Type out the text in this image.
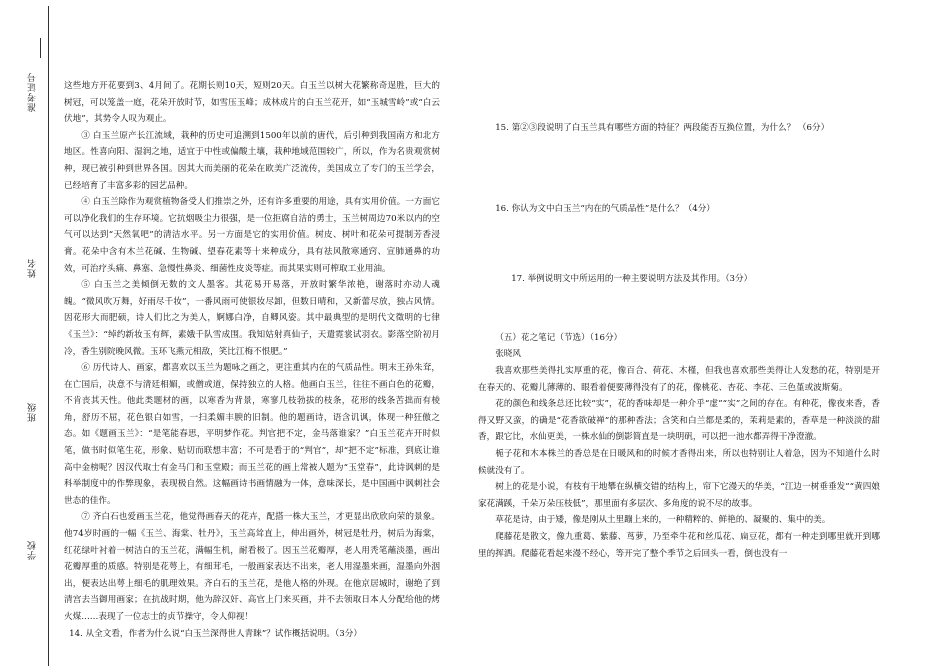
准考证号
姓名
班级
学校

这些地方开花要到3、4月间了。花期长则10天，短则20天。白玉兰以树大花繁称奇逞胜，巨大的树冠，可以笼盖一庭，花朵开放时节，如雪压玉峰；成林成片的白玉兰花开，如“玉城雪岭”或“白云伏地”，其势令人叹为观止。

③ 白玉兰原产长江流域，栽种的历史可追溯到1500年以前的唐代，后引种到我国南方和北方地区。性喜向阳、湿润之地，适宜于中性或偏酸土壤，栽种地域范围较广，所以，作为名贵观赏树种，现已被引种到世界各国。因其大而美丽的花朵在欧美广泛流传，美国成立了专门的玉兰学会，已经培育了丰富多彩的园艺品种。

④ 白玉兰除作为观赏植物备受人们推崇之外，还有许多重要的用途，具有实用价值。一方面它可以净化我们的生存环境。它抗烟吸尘力很强，是一位拒腐自洁的勇士，玉兰树周边70米以内的空气可以达到“天然氧吧”的清洁水平。另一方面是它的实用价值。树皮、树叶和花朵可提制芳香浸膏。花朵中含有木兰花碱、生物碱、望春花素等十来种成分，具有祛风散寒通窍、宣肺通鼻的功效，可治疗头痛、鼻塞、急慢性鼻炎、细菌性皮炎等症。而其果实则可榨取工业用油。

⑤ 白玉兰之美倾倒无数的文人墨客。其花易开易落，开放时繁华浓艳，谢落时亦动人魂魄。“微风吹万舞，好雨尽千妆”，一番风雨可使银妆尽卸，但数日晴和，又新蕾尽放，独占风情。因花形大而肥硕，诗人们比之为美人，婀娜白净，自卿风姿。其中最典型的是明代文徵明的七律《玉兰》：“绰约新妆玉有辉，素娥千队雪成围。我知姑射真仙子，天遣霓裳试羽衣。影落空阶初月冷，香生别院晚风微。玉环飞燕元相敌，笑比江梅不恨肥。”

⑥ 历代诗人、画家，都喜欢以玉兰为题咏之画之，更注重其内在的气质品性。明末王孙朱耷，在亡国后，决意不与清廷相媚，或僧或道，保持独立的人格。他画白玉兰，往往不画白色的花瓣，不肯丧其天性。他此类题材的画，以寒香为背景，寒寥几枝勃拔的枝条，花形的线条苦拙而有棱角，舒历不屈，花色银白如雪，一扫柔媚丰腴的旧制。他的题画诗，语含讥讽，体现一种狂傲之态。如《题画玉兰》：“是笔能春思，平明梦作花。判官把不定，金马落谁家？”白玉兰花卉开时似笔，做书时似笔生花，形象、贴切而联想丰富；不可是看于的“判官”，却“把不定”标准，到底让谁高中金榜呢？因汉代取士有金马门和玉堂殿；而玉兰花的画上常被人题为“玉堂春”，此诗讽刺的是科举制度中的作弊现象，表现极自然。这幅画诗书画情融为一体，意味深长，是中国画中讽刺社会世态的佳作。

⑦ 齐白石也爱画玉兰花，他觉得画春天的花卉，配搭一株大玉兰，才更显出欣欣向荣的景象。他74岁时画的一幅《玉兰、海棠、牡丹》，玉兰高耸直上，伸出画外，树冠是牡丹，树后为海棠，红花绿叶衬着一树洁白的玉兰花，满幅生机，耐看极了。因玉兰花瓣厚，老人用秃笔蘸淡墨，画出花瓣厚重的质感。特别是花萼上，有细茸毛，一般画家表达不出来，老人用湿墨来画，湿墨向外洇出，便表达出萼上细毛的肌理效果。齐白石的玉兰花，是他人格的外现。在他京居城时，谢绝了到清宫去当御用画家；在抗战时期，他为辞汉奸、高官上门来买画，并不去领取日本人分配给他的烤火煤……表现了一位志士的贞节操守，令人仰视！

14. 从全文看，作者为什么说“白玉兰深得世人青睐”？试作概括说明。（3分）

15. 第②③段说明了白玉兰具有哪些方面的特征？两段能否互换位置，为什么？ （6分）

16. 你认为文中白玉兰“内在的气质品性”是什么？（4分）

17. 举例说明文中所运用的一种主要说明方法及其作用。（3分）

（五）花之笔记（节选）（16分）

张晓风

我喜欢那些美得扎实厚重的花，像百合、荷花、木槿，但我也喜欢那些美得让人发愁的花，特别是开在春天的、花瓣儿薄薄的、眼看着便要薄得没有了的花，像桃花、杏花、李花、三色堇或波斯菊。

花的颜色和线条总还比较“实”，花的香味却是一种介乎“虚”“实”之间的存在。有种花，像夜来香，香得又野又蛮，的确是“花香欲破禅”的那种香法；含笑和白兰都是柔的，茉莉是素的，香草是一种淡淡的甜香，跟它比，水仙更美，一株水仙的倒影简直是一块明矾，可以把一池水都弄得干净澄澈。

栀子花和木本株兰的香总是在日暖风和的时候才香得出来，所以也特别让人着急，因为不知道什么时候就没有了。

树上的花是小说，有枝有干地攀在纵横交错的结构上，帘下它漫天的华美，“江边一树垂垂发”“黄四娘家花满蹊，千朵万朵压枝低”，那里面有多层次、多角度的说不尽的故事。

草花是诗，由于矮，像是刚从土里蹦上来的，一种精粹的、鲜艳的、凝聚的、集中的美。

爬藤花是散文，像九重葛、紫藤、茑萝，乃至牵牛花和丝瓜花、扁豆花，都有一种走到哪里就开到哪里的挥洒。爬藤花看起来漫不经心，等开完了整个季节之后回头一看，倒也没有一
